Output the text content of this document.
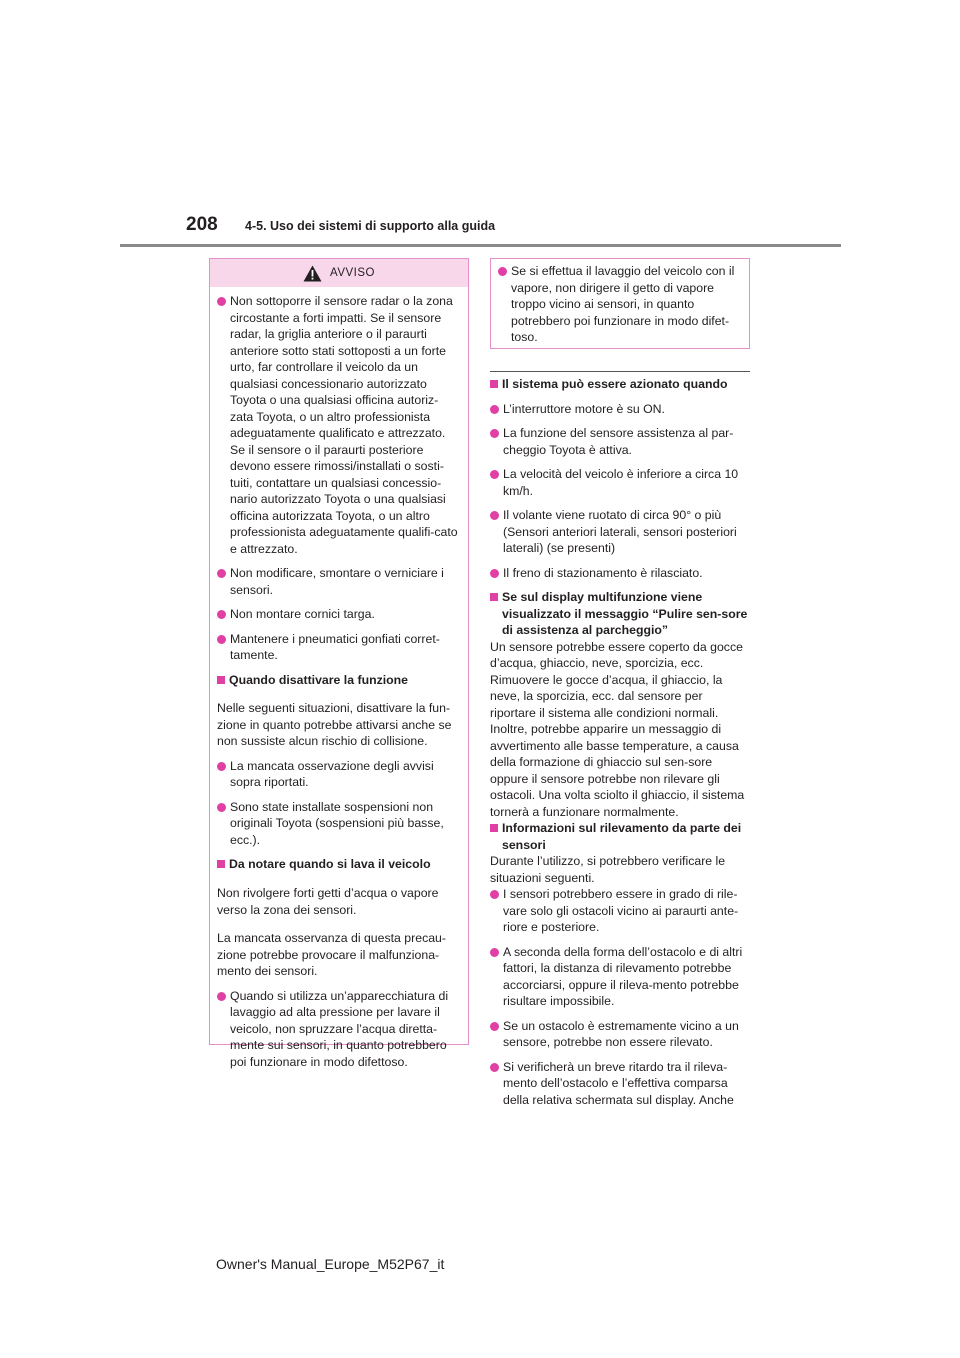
208 4-5. Uso dei sistemi di supporto alla guida
AVVISO
Non sottoporre il sensore radar o la zona circostante a forti impatti. Se il sensore radar, la griglia anteriore o il paraurti anteriore sotto stati sottoposti a un forte urto, far controllare il veicolo da un qualsiasi concessionario autorizzato Toyota o una qualsiasi officina autoriz-zata Toyota, o un altro professionista adeguatamente qualificato e attrezzato. Se il sensore o il paraurti posteriore devono essere rimossi/installati o sosti-tuiti, contattare un qualsiasi concessio-nario autorizzato Toyota o una qualsiasi officina autorizzata Toyota, o un altro professionista adeguatamente qualifi-cato e attrezzato.
Non modificare, smontare o verniciare i sensori.
Non montare cornici targa.
Mantenere i pneumatici gonfiati corret-tamente.
Quando disattivare la funzione

Nelle seguenti situazioni, disattivare la fun-zione in quanto potrebbe attivarsi anche se non sussiste alcun rischio di collisione.

La mancata osservazione degli avvisi sopra riportati.
Sono state installate sospensioni non originali Toyota (sospensioni più basse, ecc.).
Da notare quando si lava il veicolo

Non rivolgere forti getti d’acqua o vapore verso la zona dei sensori.

La mancata osservanza di questa precau-zione potrebbe provocare il malfunziona-mento dei sensori.

Quando si utilizza un’apparecchiatura di lavaggio ad alta pressione per lavare il veicolo, non spruzzare l’acqua diretta-mente sui sensori, in quanto potrebbero poi funzionare in modo difettoso.
Se si effettua il lavaggio del veicolo con il vapore, non dirigere il getto di vapore troppo vicino ai sensori, in quanto potrebbero poi funzionare in modo difet-toso.
Il sistema può essere azionato quando
L’interruttore motore è su ON.
La funzione del sensore assistenza al par-cheggio Toyota è attiva.
La velocità del veicolo è inferiore a circa 10 km/h.
Il volante viene ruotato di circa 90° o più (Sensori anteriori laterali, sensori posteriori laterali) (se presenti)
Il freno di stazionamento è rilasciato.
Se sul display multifunzione viene visualizzato il messaggio “Pulire sen-sore di assistenza al parcheggio”

Un sensore potrebbe essere coperto da gocce d’acqua, ghiaccio, neve, sporcizia, ecc. Rimuovere le gocce d’acqua, il ghiaccio, la neve, la sporcizia, ecc. dal sensore per riportare il sistema alle condizioni normali.

Inoltre, potrebbe apparire un messaggio di avvertimento alle basse temperature, a causa della formazione di ghiaccio sul sen-sore oppure il sensore potrebbe non rilevare gli ostacoli. Una volta sciolto il ghiaccio, il sistema tornerà a funzionare normalmente.

Informazioni sul rilevamento da parte dei sensori

Durante l’utilizzo, si potrebbero verificare le situazioni seguenti.

I sensori potrebbero essere in grado di rile-vare solo gli ostacoli vicino ai paraurti ante-riore e posteriore.
A seconda della forma dell’ostacolo e di altri fattori, la distanza di rilevamento potrebbe accorciarsi, oppure il rileva-mento potrebbe risultare impossibile.
Se un ostacolo è estremamente vicino a un sensore, potrebbe non essere rilevato.
Si verificherà un breve ritardo tra il rileva-mento dell’ostacolo e l’effettiva comparsa della relativa schermata sul display. Anche
Owner's Manual_Europe_M52P67_it
